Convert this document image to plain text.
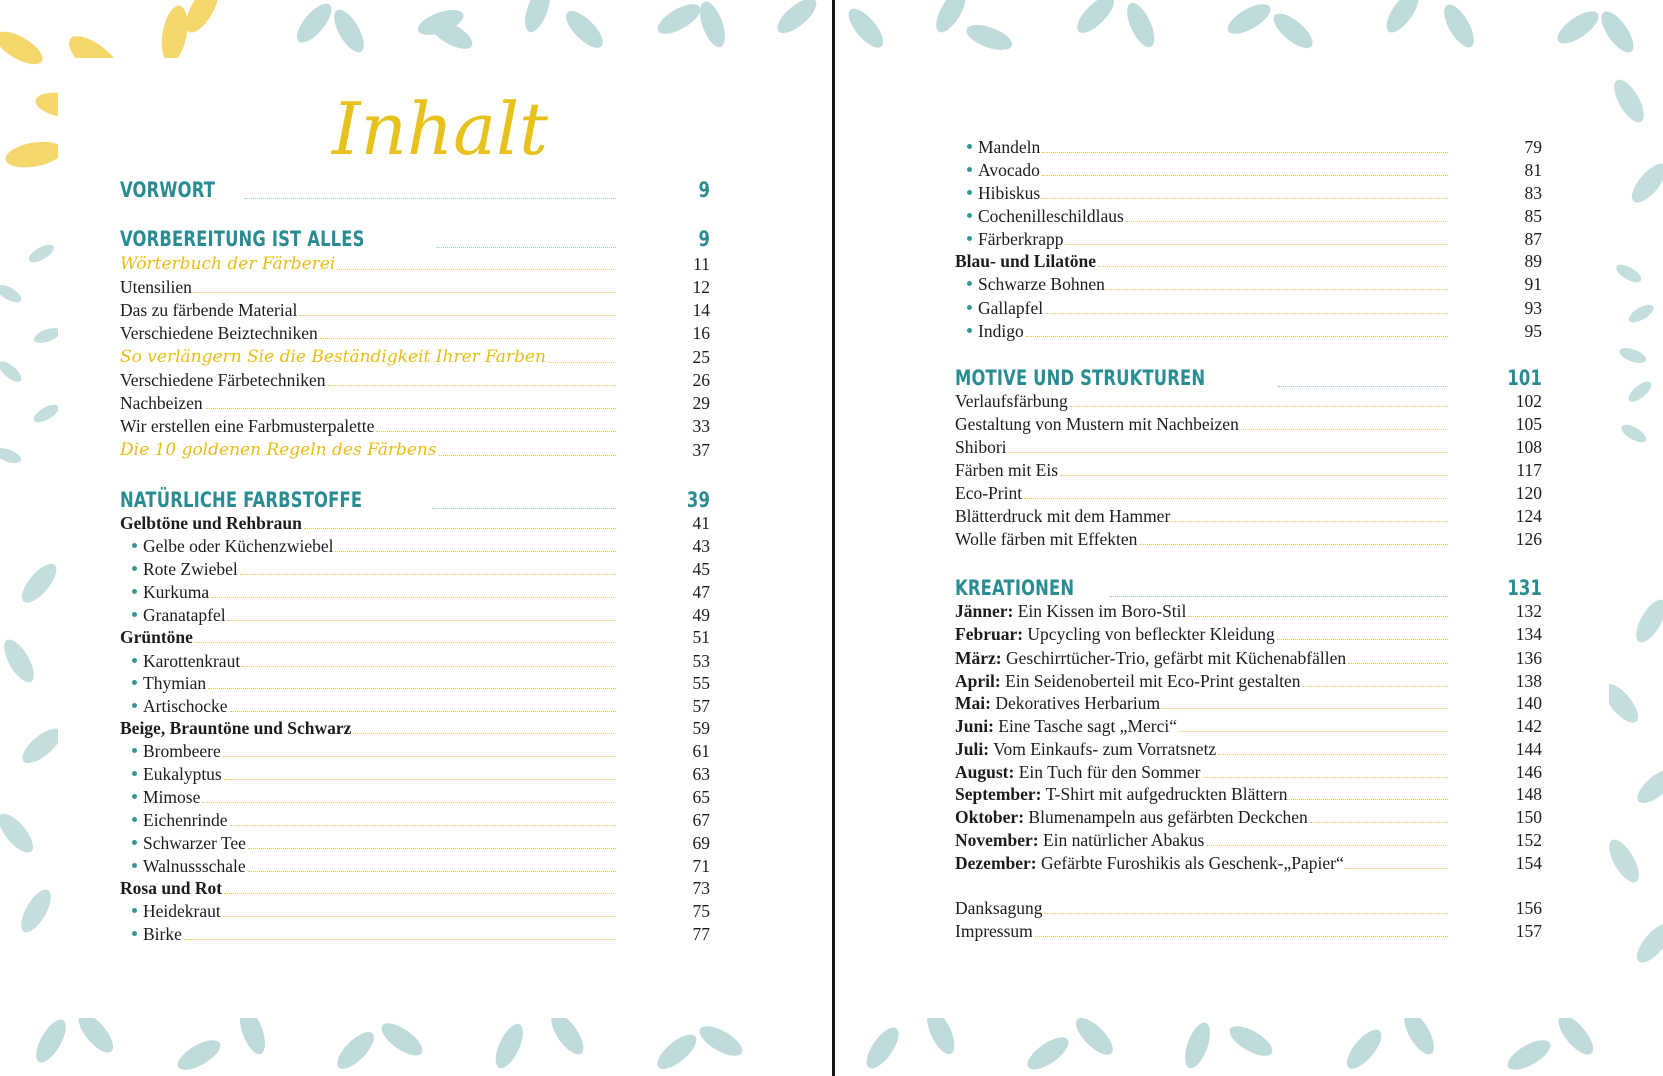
Inhalt
VORWORT	9
VORBEREITUNG IST ALLES	9
Wörterbuch der Färberei	11
Utensilien	12
Das zu färbende Material	14
Verschiedene Beiztechniken	16
So verlängern Sie die Beständigkeit Ihrer Farben	25
Verschiedene Färbetechniken	26
Nachbeizen	29
Wir erstellen eine Farbmusterpalette	33
Die 10 goldenen Regeln des Färbens	37
NATÜRLICHE FARBSTOFFE	39
Gelbtöne und Rehbraun	41
Gelbe oder Küchenzwiebel	43
Rote Zwiebel	45
Kurkuma	47
Granatapfel	49
Grüntöne	51
Karottenkraut	53
Thymian	55
Artischocke	57
Beige, Brauntöne und Schwarz	59
Brombeere	61
Eukalyptus	63
Mimose	65
Eichenrinde	67
Schwarzer Tee	69
Walnussschale	71
Rosa und Rot	73
Heidekraut	75
Birke	77
Mandeln	79
Avocado	81
Hibiskus	83
Cochenilleschildlaus	85
Färberkrapp	87
Blau- und Lilatöne	89
Schwarze Bohnen	91
Gallapfel	93
Indigo	95
MOTIVE UND STRUKTUREN	101
Verlaufsfärbung	102
Gestaltung von Mustern mit Nachbeizen	105
Shibori	108
Färben mit Eis	117
Eco-Print	120
Blätterdruck mit dem Hammer	124
Wolle färben mit Effekten	126
KREATIONEN	131
Jänner: Ein Kissen im Boro-Stil	132
Februar: Upcycling von befleckter Kleidung	134
März: Geschirrtücher-Trio, gefärbt mit Küchenabfällen	136
April: Ein Seidenoberteil mit Eco-Print gestalten	138
Mai: Dekoratives Herbarium	140
Juni: Eine Tasche sagt „Merci“	142
Juli: Vom Einkaufs- zum Vorratsnetz	144
August: Ein Tuch für den Sommer	146
September: T-Shirt mit aufgedruckten Blättern	148
Oktober: Blumenampeln aus gefärbten Deckchen	150
November: Ein natürlicher Abakus	152
Dezember: Gefärbte Furoshikis als Geschenk-„Papier“	154
Danksagung	156
Impressum	157
